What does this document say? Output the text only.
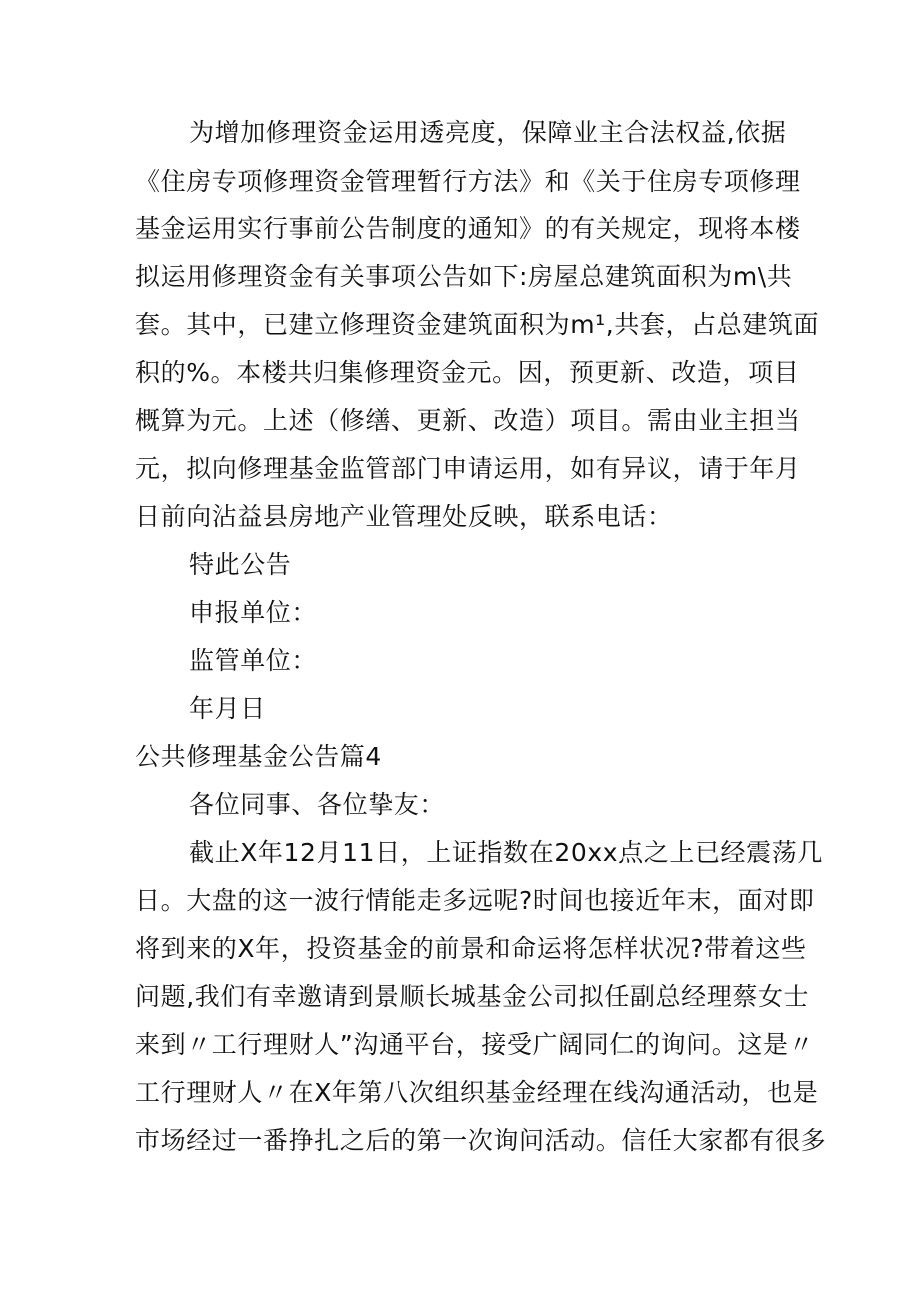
为增加修理资金运用透亮度，保障业主合法权益,依据
《住房专项修理资金管理暂行方法》和《关于住房专项修理
基金运用实行事前公告制度的通知》的有关规定，现将本楼
拟运用修理资金有关事项公告如下:房屋总建筑面积为m\共
套。其中，已建立修理资金建筑面积为m¹,共套，占总建筑面
积的%。本楼共归集修理资金元。因，预更新、改造，项目
概算为元。上述（修缮、更新、改造）项目。需由业主担当
元，拟向修理基金监管部门申请运用，如有异议，请于年月
日前向沾益县房地产业管理处反映，联系电话：
特此公告
申报单位：
监管单位：
年月日
公共修理基金公告篇4
各位同事、各位挚友：
截止X年12月11日，上证指数在20xx点之上已经震荡几
日。大盘的这一波行情能走多远呢?时间也接近年末，面对即
将到来的X年，投资基金的前景和命运将怎样状况?带着这些
问题,我们有幸邀请到景顺长城基金公司拟任副总经理蔡女士
来到〃工行理财人”沟通平台，接受广阔同仁的询问。这是〃
工行理财人〃在X年第八次组织基金经理在线沟通活动，也是
市场经过一番挣扎之后的第一次询问活动。信任大家都有很多
